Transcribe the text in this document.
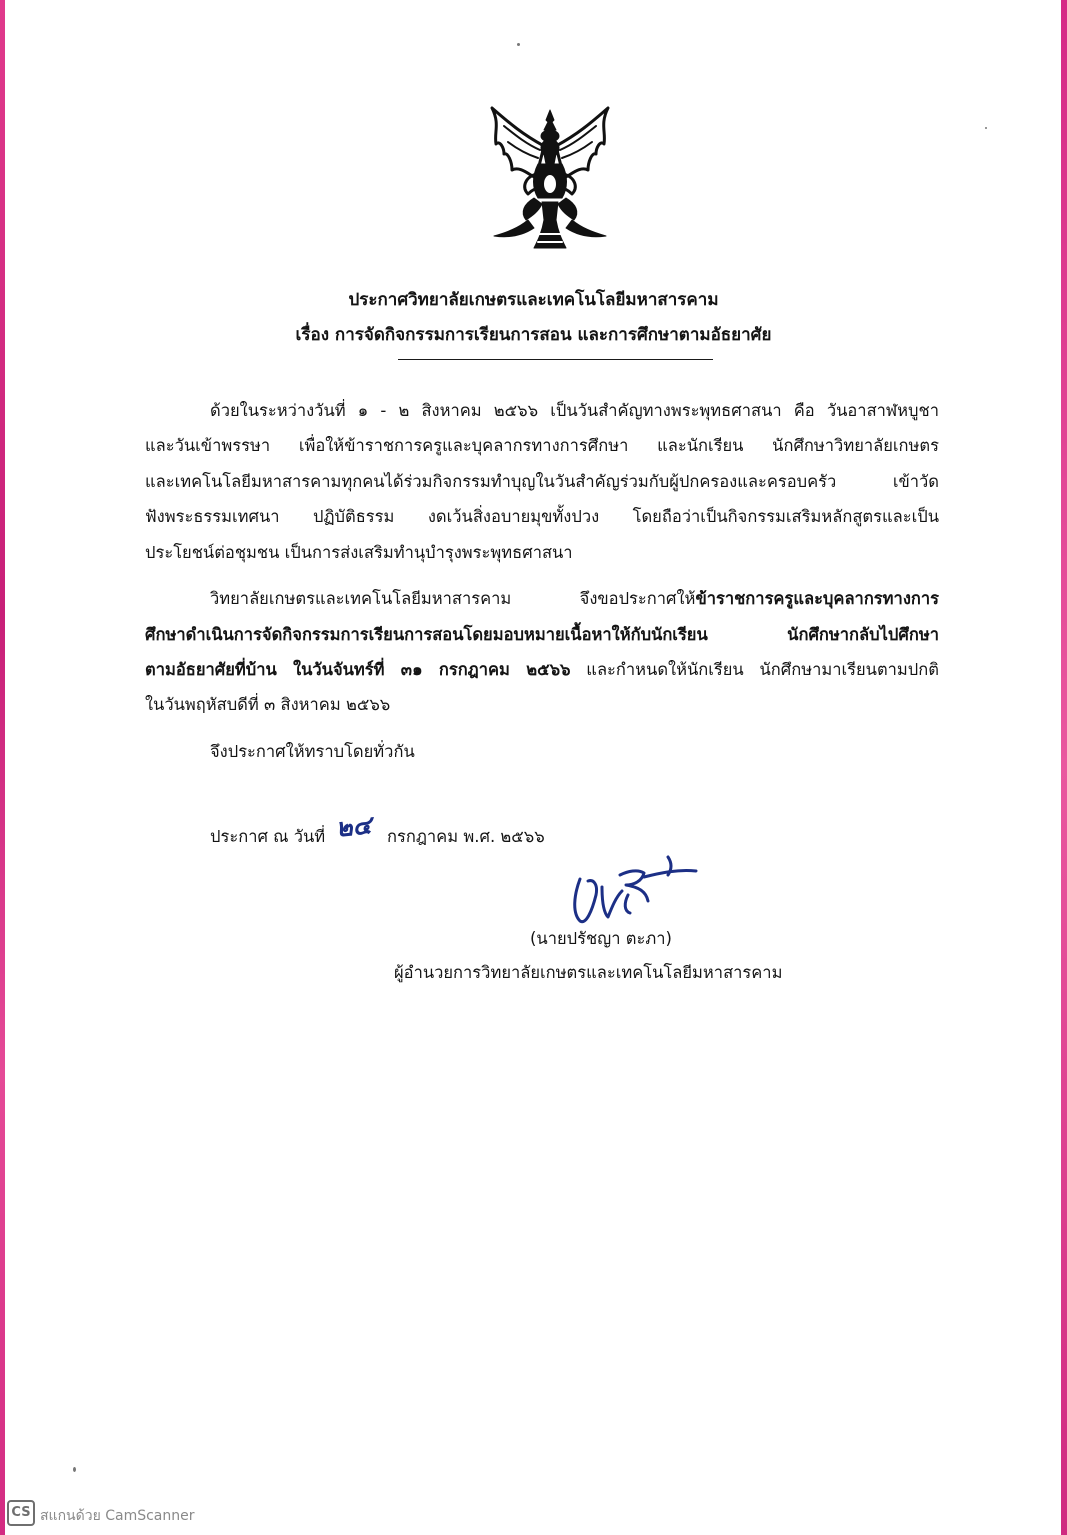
ประกาศวิทยาลัยเกษตรและเทคโนโลยีมหาสารคาม
เรื่อง การจัดกิจกรรมการเรียนการสอน และการศึกษาตามอัธยาศัย
ด้วยในระหว่างวันที่ ๑ - ๒ สิงหาคม ๒๕๖๖ เป็นวันสำคัญทางพระพุทธศาสนา คือ วันอาสาฬหบูชา
และวันเข้าพรรษา เพื่อให้ข้าราชการครูและบุคลากรทางการศึกษา และนักเรียน นักศึกษาวิทยาลัยเกษตร
และเทคโนโลยีมหาสารคามทุกคนได้ร่วมกิจกรรมทำบุญในวันสำคัญร่วมกับผู้ปกครองและครอบครัว เข้าวัด
ฟังพระธรรมเทศนา ปฏิบัติธรรม งดเว้นสิ่งอบายมุขทั้งปวง โดยถือว่าเป็นกิจกรรมเสริมหลักสูตรและเป็น
ประโยชน์ต่อชุมชน เป็นการส่งเสริมทำนุบำรุงพระพุทธศาสนา
วิทยาลัยเกษตรและเทคโนโลยีมหาสารคาม จึงขอประกาศให้ข้าราชการครูและบุคลากรทางการ
ศึกษาดำเนินการจัดกิจกรรมการเรียนการสอนโดยมอบหมายเนื้อหาให้กับนักเรียน นักศึกษากลับไปศึกษา
ตามอัธยาศัยที่บ้าน ในวันจันทร์ที่ ๓๑ กรกฎาคม ๒๕๖๖ และกำหนดให้นักเรียน นักศึกษามาเรียนตามปกติ
ในวันพฤหัสบดีที่ ๓ สิงหาคม ๒๕๖๖
จึงประกาศให้ทราบโดยทั่วกัน
ประกาศ ณ วันที่ ๒๔ กรกฎาคม พ.ศ. ๒๕๖๖
(นายปรัชญา ตะภา)
ผู้อำนวยการวิทยาลัยเกษตรและเทคโนโลยีมหาสารคาม
CS สแกนด้วย CamScanner
